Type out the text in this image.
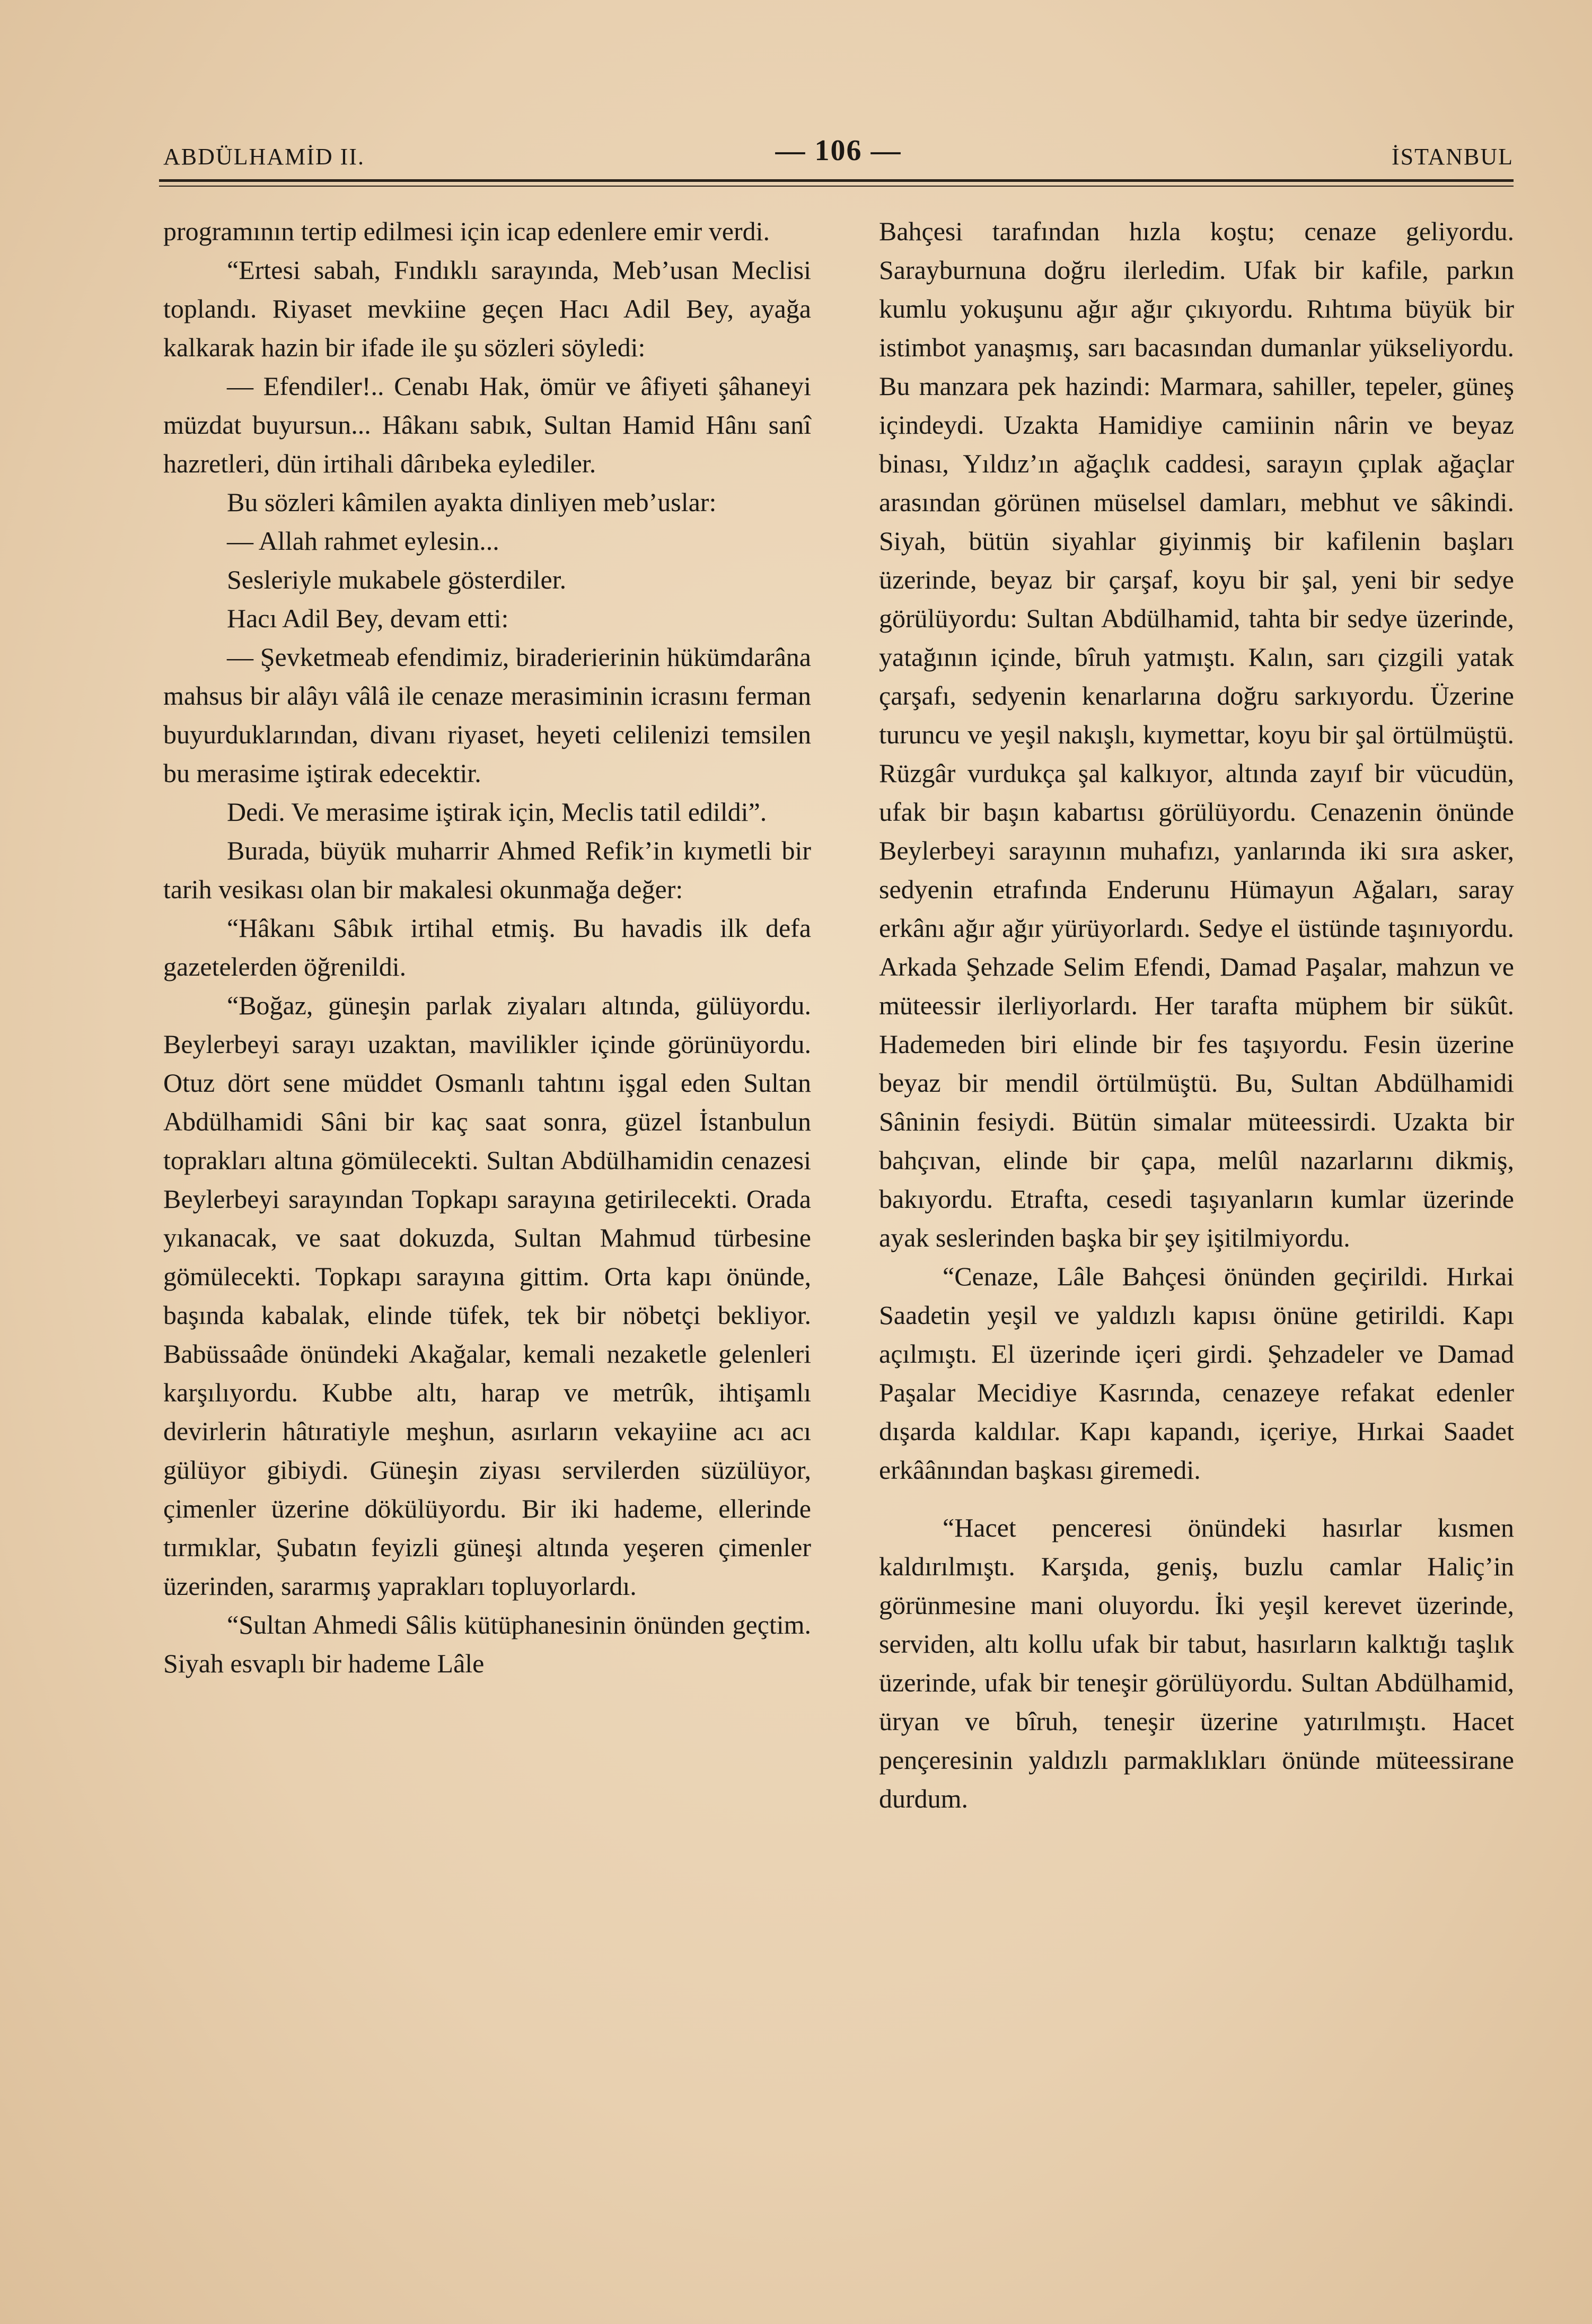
ABDÜLHAMİD II.	— 106 —	İSTANBUL

programının tertip edilmesi için icap edenlere emir verdi.

“Ertesi sabah, Fındıklı sarayında, Meb’usan Meclisi toplandı. Riyaset mevkiine geçen Hacı Adil Bey, ayağa kalkarak hazin bir ifade ile şu sözleri söyledi:

— Efendiler!.. Cenabı Hak, ömür ve âfiyeti şâhaneyi müzdat buyursun... Hâkanı sabık, Sultan Hamid Hânı sanî hazretleri, dün irtihali dârıbeka eylediler.

Bu sözleri kâmilen ayakta dinliyen meb’uslar:

— Allah rahmet eylesin...

Sesleriyle mukabele gösterdiler.

Hacı Adil Bey, devam etti:

— Şevketmeab efendimiz, biraderierinin hükümdarâna mahsus bir alâyı vâlâ ile cenaze merasiminin icrasını ferman buyurduklarından, divanı riyaset, heyeti celilenizi temsilen bu merasime iştirak edecektir.

Dedi. Ve merasime iştirak için, Meclis tatil edildi”.

Burada, büyük muharrir Ahmed Refik’in kıymetli bir tarih vesikası olan bir makalesi okunmağa değer:

“Hâkanı Sâbık irtihal etmiş. Bu havadis ilk defa gazetelerden öğrenildi.

“Boğaz, güneşin parlak ziyaları altında, gülüyordu. Beylerbeyi sarayı uzaktan, mavilikler içinde görünüyordu. Otuz dört sene müddet Osmanlı tahtını işgal eden Sultan Abdülhamidi Sâni bir kaç saat sonra, güzel İstanbulun toprakları altına gömülecekti. Sultan Abdülhamidin cenazesi Beylerbeyi sarayından Topkapı sarayına getirilecekti. Orada yıkanacak, ve saat dokuzda, Sultan Mahmud türbesine gömülecekti. Topkapı sarayına gittim. Orta kapı önünde, başında kabalak, elinde tüfek, tek bir nöbetçi bekliyor. Babüssaâde önündeki Akağalar, kemali nezaketle gelenleri karşılıyordu. Kubbe altı, harap ve metrûk, ihtişamlı devirlerin hâtıratiyle meşhun, asırların vekayiine acı acı gülüyor gibiydi. Güneşin ziyası servilerden süzülüyor, çimenler üzerine dökülüyordu. Bir iki hademe, ellerinde tırmıklar, Şubatın feyizli güneşi altında yeşeren çimenler üzerinden, sararmış yaprakları topluyorlardı.

“Sultan Ahmedi Sâlis kütüphanesinin önünden geçtim. Siyah esvaplı bir hademe Lâle

Bahçesi tarafından hızla koştu; cenaze geliyordu. Sarayburnuna doğru ilerledim. Ufak bir kafile, parkın kumlu yokuşunu ağır ağır çıkıyordu. Rıhtıma büyük bir istimbot yanaşmış, sarı bacasından dumanlar yükseliyordu. Bu manzara pek hazindi: Marmara, sahiller, tepeler, güneş içindeydi. Uzakta Hamidiye camiinin nârin ve beyaz binası, Yıldız’ın ağaçlık caddesi, sarayın çıplak ağaçlar arasından görünen müselsel damları, mebhut ve sâkindi. Siyah, bütün siyahlar giyinmiş bir kafilenin başları üzerinde, beyaz bir çarşaf, koyu bir şal, yeni bir sedye görülüyordu: Sultan Abdülhamid, tahta bir sedye üzerinde, yatağının içinde, bîruh yatmıştı. Kalın, sarı çizgili yatak çarşafı, sedyenin kenarlarına doğru sarkıyordu. Üzerine turuncu ve yeşil nakışlı, kıymettar, koyu bir şal örtülmüştü. Rüzgâr vurdukça şal kalkıyor, altında zayıf bir vücudün, ufak bir başın kabartısı görülüyordu. Cenazenin önünde Beylerbeyi sarayının muhafızı, yanlarında iki sıra asker, sedyenin etrafında Enderunu Hümayun Ağaları, saray erkânı ağır ağır yürüyorlardı. Sedye el üstünde taşınıyordu. Arkada Şehzade Selim Efendi, Damad Paşalar, mahzun ve müteessir ilerliyorlardı. Her tarafta müphem bir sükût. Hademeden biri elinde bir fes taşıyordu. Fesin üzerine beyaz bir mendil örtülmüştü. Bu, Sultan Abdülhamidi Sâninin fesiydi. Bütün simalar müteessirdi. Uzakta bir bahçıvan, elinde bir çapa, melûl nazarlarını dikmiş, bakıyordu. Etrafta, cesedi taşıyanların kumlar üzerinde ayak seslerinden başka bir şey işitilmiyordu.

“Cenaze, Lâle Bahçesi önünden geçirildi. Hırkai Saadetin yeşil ve yaldızlı kapısı önüne getirildi. Kapı açılmıştı. El üzerinde içeri girdi. Şehzadeler ve Damad Paşalar Mecidiye Kasrında, cenazeye refakat edenler dışarda kaldılar. Kapı kapandı, içeriye, Hırkai Saadet erkâânından başkası giremedi.

“Hacet penceresi önündeki hasırlar kısmen kaldırılmıştı. Karşıda, geniş, buzlu camlar Haliç’in görünmesine mani oluyordu. İki yeşil kerevet üzerinde, serviden, altı kollu ufak bir tabut, hasırların kalktığı taşlık üzerinde, ufak bir teneşir görülüyordu. Sultan Abdülhamid, üryan ve bîruh, teneşir üzerine yatırılmıştı. Hacet pençeresinin yaldızlı parmaklıkları önünde müteessirane durdum.
